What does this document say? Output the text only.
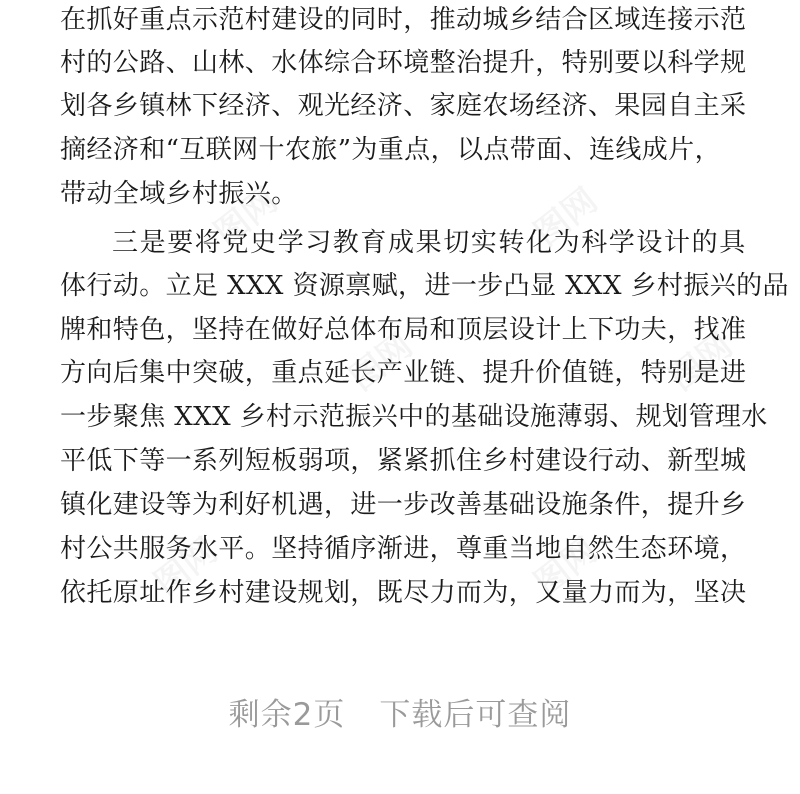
在抓好重点示范村建设的同时，推动城乡结合区域连接示范
村的公路、山林、水体综合环境整治提升，特别要以科学规
划各乡镇林下经济、观光经济、家庭农场经济、果园自主采
摘经济和“互联网十农旅”为重点，以点带面、连线成片，
带动全域乡村振兴。
三是要将党史学习教育成果切实转化为科学设计的具
体行动。立足 XXX 资源禀赋，进一步凸显 XXX 乡村振兴的品
牌和特色，坚持在做好总体布局和顶层设计上下功夫，找准
方向后集中突破，重点延长产业链、提升价值链，特别是进
一步聚焦 XXX 乡村示范振兴中的基础设施薄弱、规划管理水
平低下等一系列短板弱项，紧紧抓住乡村建设行动、新型城
镇化建设等为利好机遇，进一步改善基础设施条件，提升乡
村公共服务水平。坚持循序渐进，尊重当地自然生态环境，
依托原址作乡村建设规划，既尽力而为，又量力而为，坚决
剩余2页 下载后可查阅
